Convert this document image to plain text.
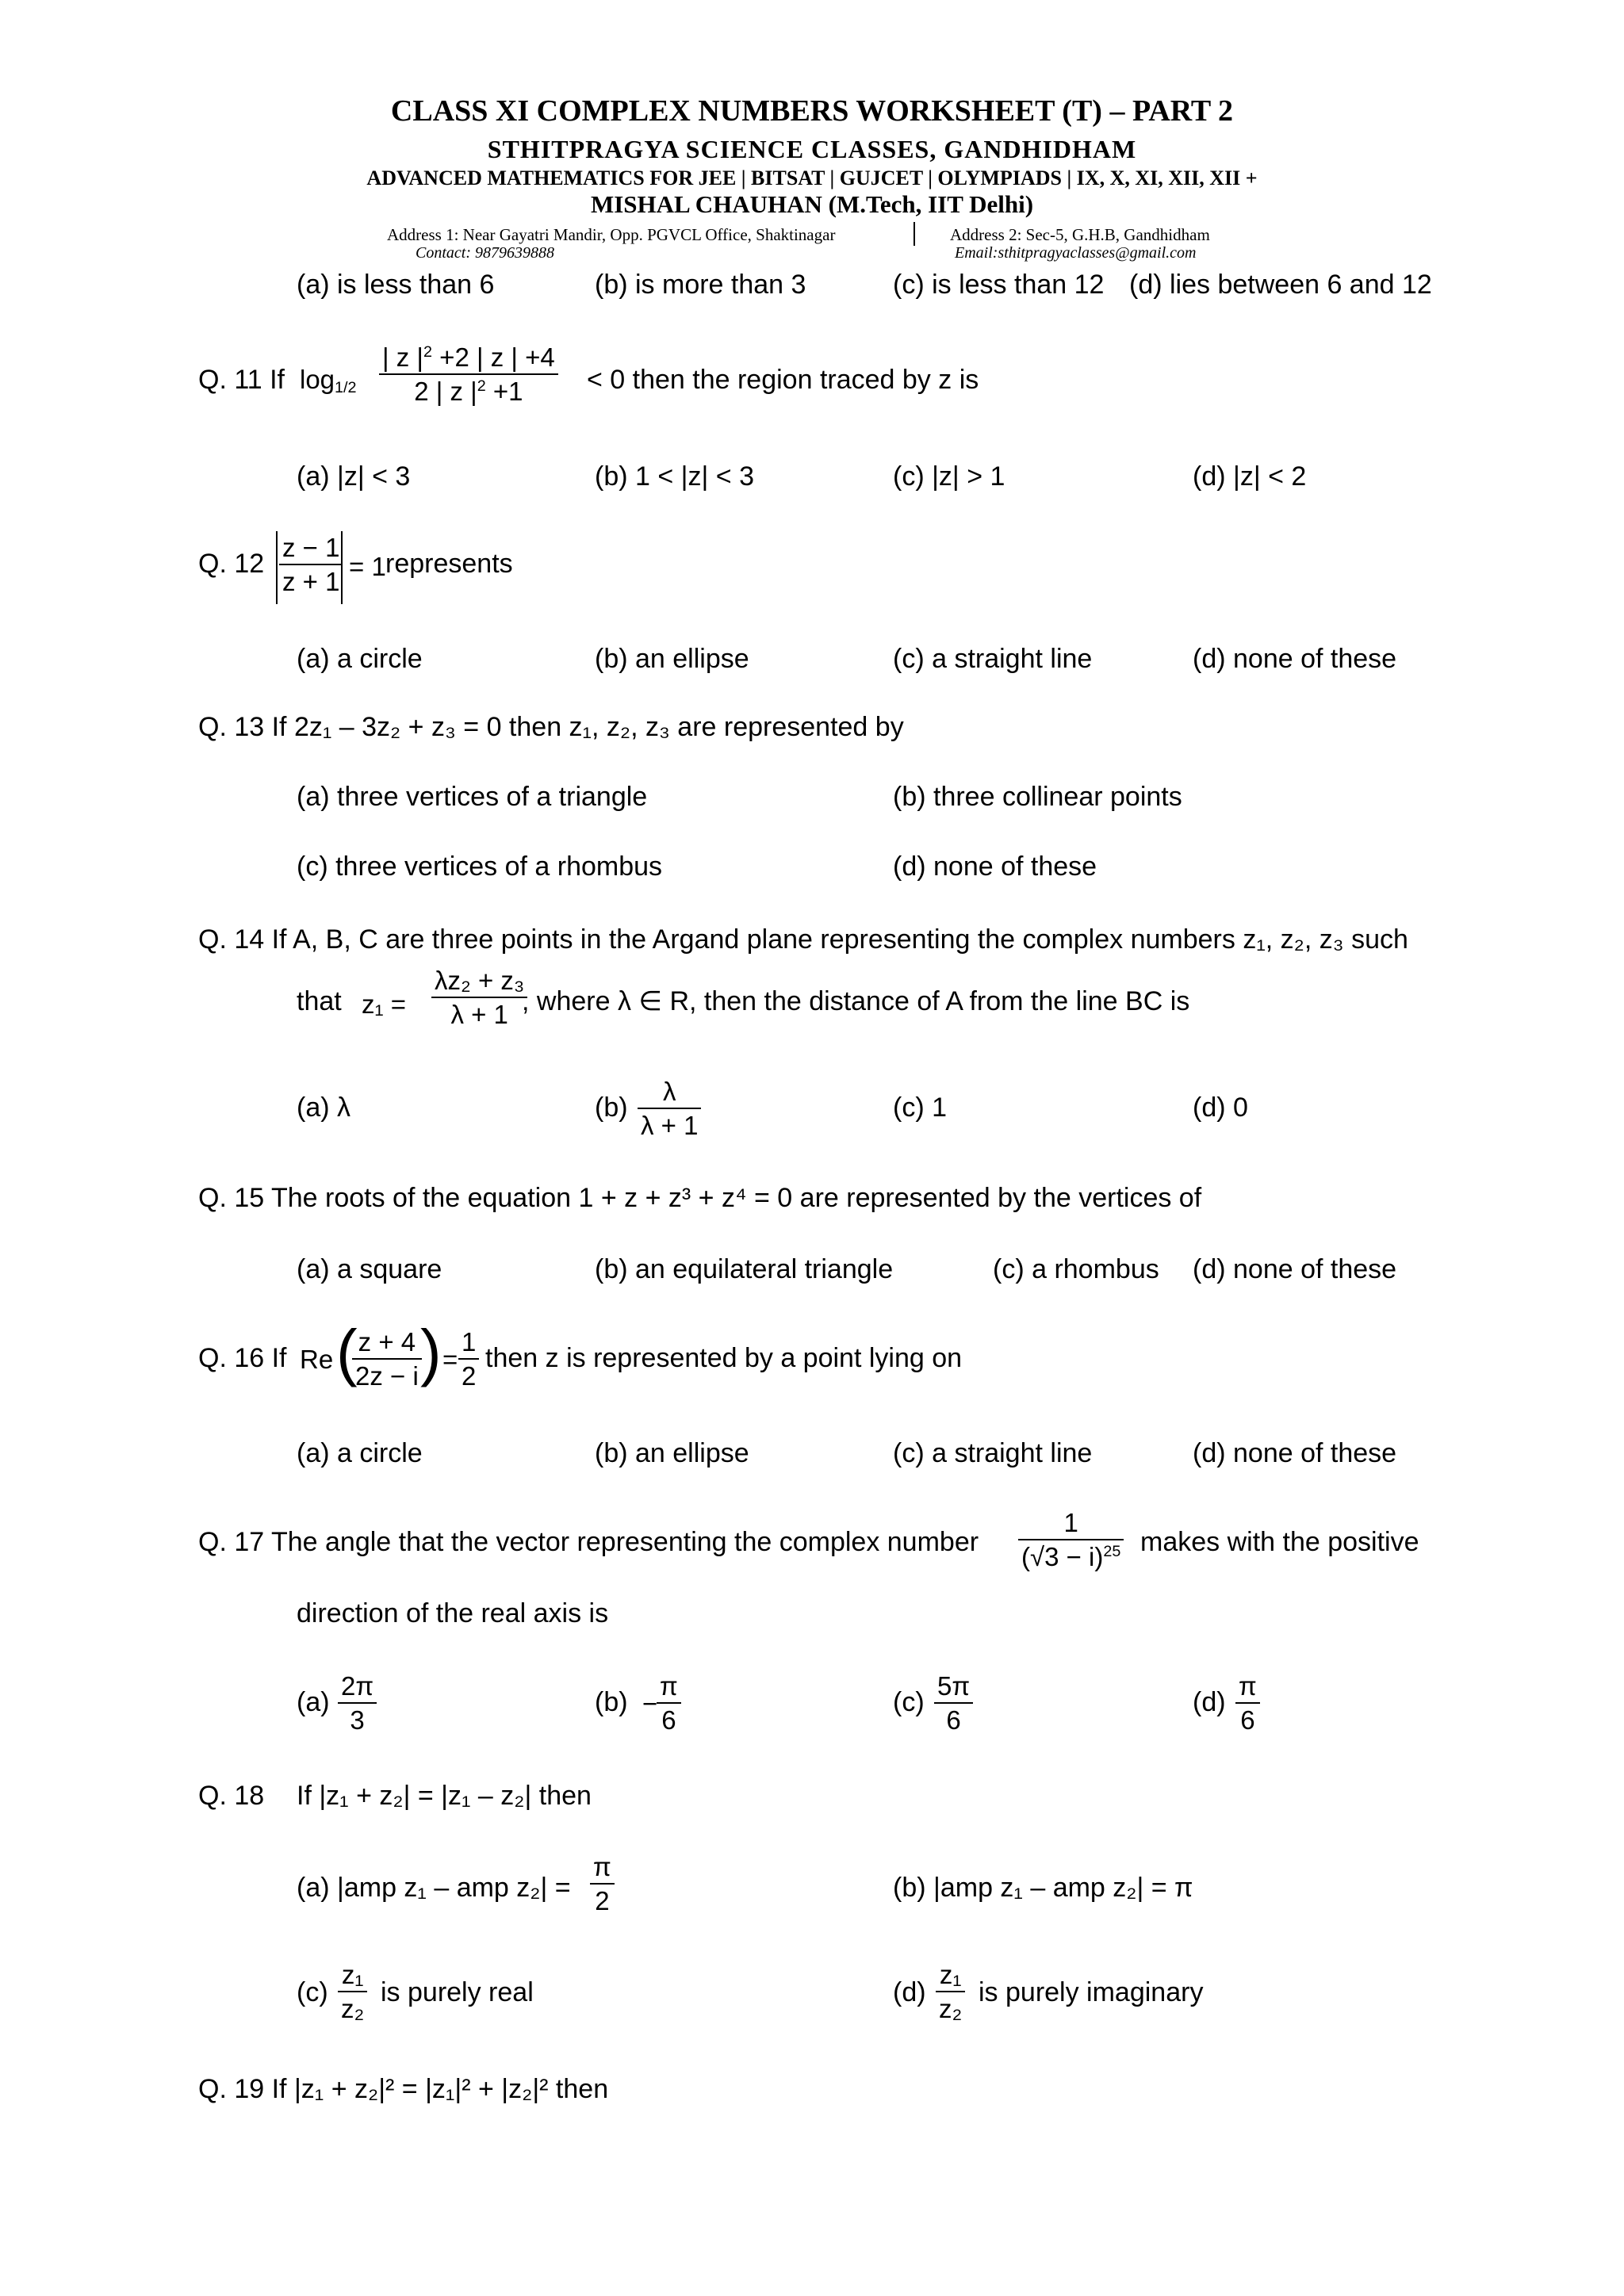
CLASS XI COMPLEX NUMBERS WORKSHEET (T) – PART 2
STHITPRAGYA SCIENCE CLASSES, GANDHIDHAM
ADVANCED MATHEMATICS FOR JEE | BITSAT | GUJCET | OLYMPIADS | IX, X, XI, XII, XII +
MISHAL CHAUHAN (M.Tech, IIT Delhi)
Address 1: Near Gayatri Mandir, Opp. PGVCL Office, Shaktinagar	Address 2: Sec-5, G.H.B, Gandhidham
Contact: 9879639888	Email:sthitpragyaclasses@gmail.com
(a) is less than 6	(b) is more than 3	(c) is less than 12 (d) lies between 6 and 12
Q. 11 If $\log_{1/2} \frac{| z |^2 +2 | z | +4}{2 | z |^2 +1} < 0$ then the region traced by z is
(a) |z| < 3	(b) 1 < |z| < 3	(c) |z| > 1	(d) |z| < 2
Q. $12 \frac{z - 1}{z + 1} = 1$ represents
(a) a circle	(b) an ellipse	(c) a straight line	(d) none of these
Q. 13 If 2z₁ – 3z₂ + z₃ = 0 then z₁, z₂, z₃ are represented by
(a) three vertices of a triangle	(b) three collinear points
(c) three vertices of a rhombus	(d) none of these
Q. 14 If A, B, C are three points in the Argand plane representing the complex numbers z₁, z₂, z₃ such
that $z_1 = \frac{\text{λz₂ + z₃}}{\lambda + 1}$
, where λ ∈ R, then the distance of A from the line BC is
(a) λ	$(b) \frac{\lambda}{\lambda + 1}$	(c) 1	(d) 0
Q. 15 The roots of the equation 1 + z + z³ + z⁴ = 0 are represented by the vertices of
(a) a square	(b) an equilateral triangle	(c) a rhombus (d) none of these
Q. 16 If Re (
$\frac{z + 4}{2z - i}$
) = $\frac{1}{2}$ then z is represented by a point lying on
(a) a circle	(b) an ellipse	(c) a straight line	(d) none of these
Q. 17 The angle that the vector representing the complex number $\frac{1}{(√3 - i)^{25}}$ makes with the positive
direction of the real axis is
$(a) \frac{2\pi}{3}$	(b) −
$\frac{\pi}{6}$	$(c) \frac{5\pi}{6}$	$(d) \frac{\pi}{6}$
Q. 18 If |z₁ + z₂| = |z₁ – z₂| then
(a) |amp z₁ – amp $z_2| = \frac{\pi}{2}$	(b) |amp z₁ – amp z₂| = π
$(c) \frac{\text{z₁}}{\text{z₂}}$ is purely real	$(d) \frac{\text{z₁}}{\text{z₂}}$ is purely imaginary
Q. 19 If |z₁ + z₂|² = |z₁|² + |z₂|² then
